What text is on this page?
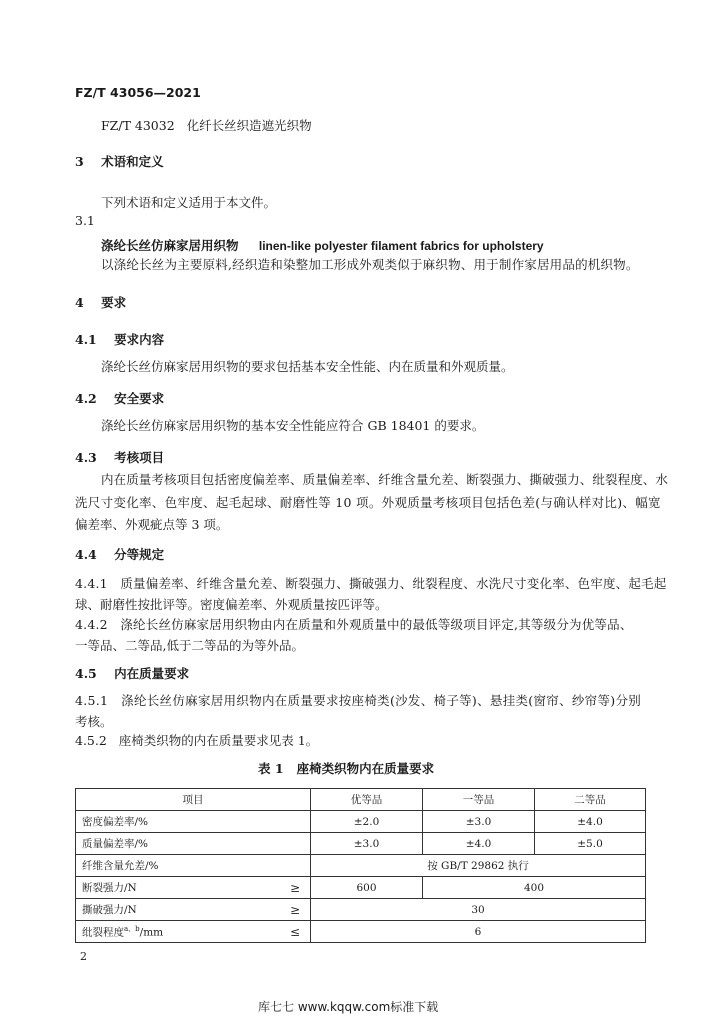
FZ/T 43056—2021
FZ/T 43032 化纤长丝织造遮光织物
3 术语和定义
下列术语和定义适用于本文件。
3.1
涤纶长丝仿麻家居用织物 linen-like polyester filament fabrics for upholstery
以涤纶长丝为主要原料,经织造和染整加工形成外观类似于麻织物、用于制作家居用品的机织物。
4 要求
4.1 要求内容
涤纶长丝仿麻家居用织物的要求包括基本安全性能、内在质量和外观质量。
4.2 安全要求
涤纶长丝仿麻家居用织物的基本安全性能应符合 GB 18401 的要求。
4.3 考核项目
内在质量考核项目包括密度偏差率、质量偏差率、纤维含量允差、断裂强力、撕破强力、纰裂程度、水
洗尺寸变化率、色牢度、起毛起球、耐磨性等 10 项。外观质量考核项目包括色差(与确认样对比)、幅宽
偏差率、外观疵点等 3 项。
4.4 分等规定
4.4.1 质量偏差率、纤维含量允差、断裂强力、撕破强力、纰裂程度、水洗尺寸变化率、色牢度、起毛起
球、耐磨性按批评等。密度偏差率、外观质量按匹评等。
4.4.2 涤纶长丝仿麻家居用织物由内在质量和外观质量中的最低等级项目评定,其等级分为优等品、
一等品、二等品,低于二等品的为等外品。
4.5 内在质量要求
4.5.1 涤纶长丝仿麻家居用织物内在质量要求按座椅类(沙发、椅子等)、悬挂类(窗帘、纱帘等)分别
考核。
4.5.2 座椅类织物的内在质量要求见表 1。
表 1 座椅类织物内在质量要求
项目		优等品	一等品	二等品
密度偏差率/%		±2.0	±3.0	±4.0
质量偏差率/%		±3.0	±4.0	±5.0
纤维含量允差/%		按 GB/T 29862 执行		
断裂强力/N	≥	600	400	
撕破强力/N	≥	30		
纰裂程度$^{a、b}$/mm	≤	6		
2
库七七 www.kqqw.com标准下载
